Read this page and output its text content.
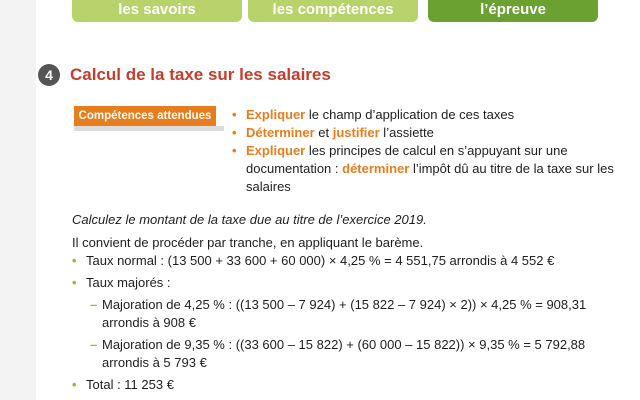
les savoirs	les compétences	l’épreuve
4	Calcul de la taxe sur les salaires
Compétences attendues	• Expliquer le champ d’application de ces taxes
• Déterminer et justifier l’assiette
• Expliquer les principes de calcul en s’appuyant sur une documentation : déterminer l’impôt dû au titre de la taxe sur les salaires
Calculez le montant de la taxe due au titre de l’exercice 2019.
Il convient de procéder par tranche, en appliquant le barème.
• Taux normal : (13 500 + 33 600 + 60 000) × 4,25 % = 4 551,75 arrondis à 4 552 €
• Taux majorés :
– Majoration de 4,25 % : ((13 500 – 7 924) + (15 822 – 7 924) × 2)) × 4,25 % = 908,31 arrondis à 908 €
– Majoration de 9,35 % : ((33 600 – 15 822) + (60 000 – 15 822)) × 9,35 % = 5 792,88 arrondis à 5 793 €
• Total : 11 253 €
